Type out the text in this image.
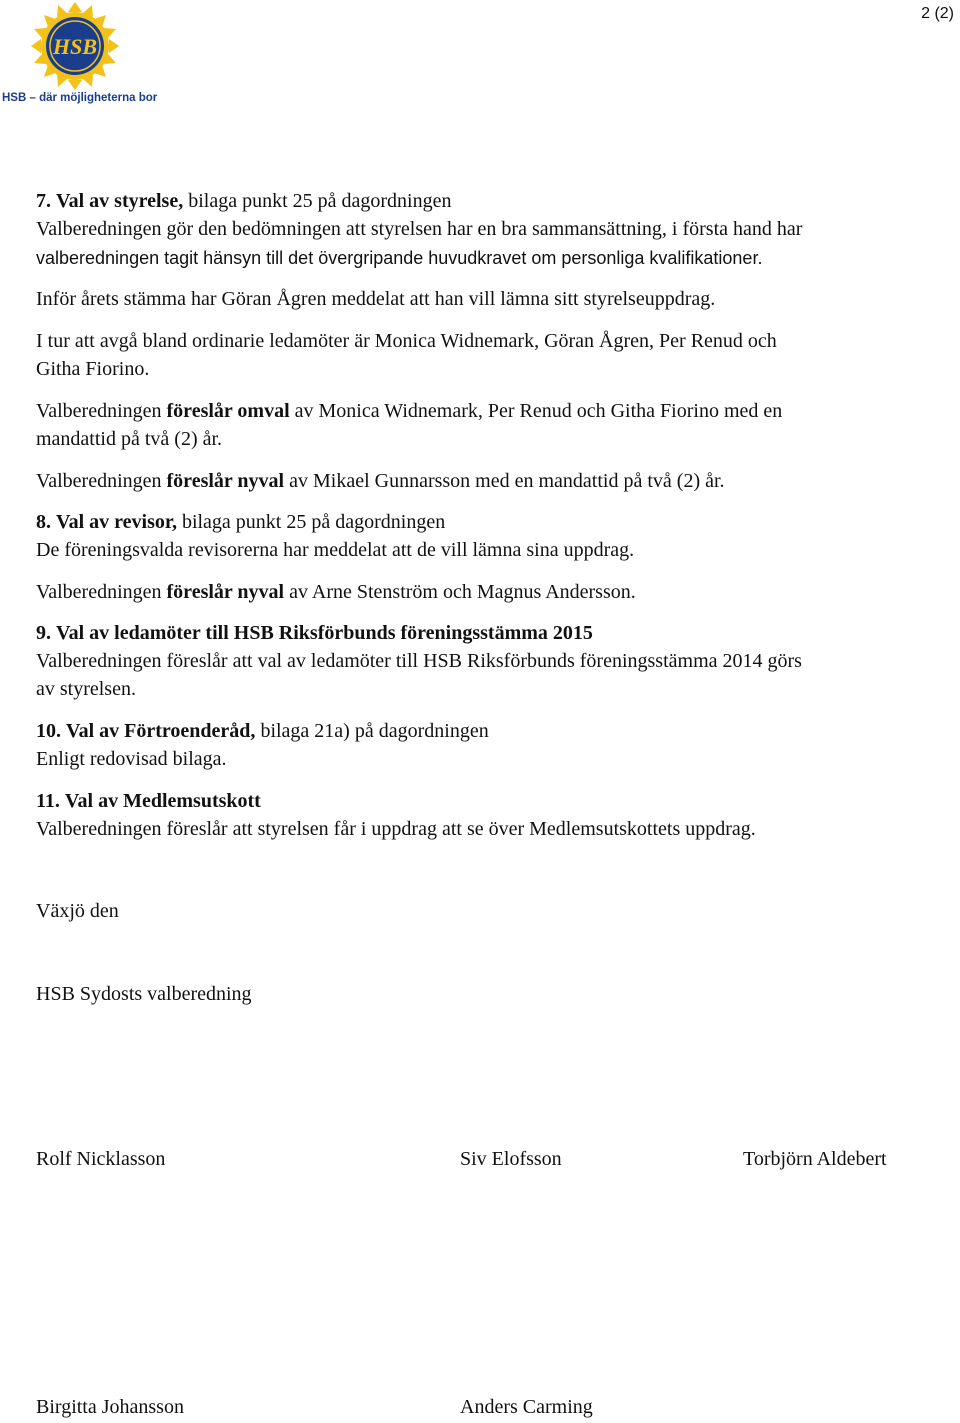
HSB
HSB – där möjligheterna bor
2 (2)
7. Val av styrelse, bilaga punkt 25 på dagordningen
Valberedningen gör den bedömningen att styrelsen har en bra sammansättning, i första hand har
valberedningen tagit hänsyn till det övergripande huvudkravet om personliga kvalifikationer.
Inför årets stämma har Göran Ågren meddelat att han vill lämna sitt styrelseuppdrag.
I tur att avgå bland ordinarie ledamöter är Monica Widnemark, Göran Ågren, Per Renud och
Githa Fiorino.
Valberedningen föreslår omval av Monica Widnemark, Per Renud och Githa Fiorino med en
mandattid på två (2) år.
Valberedningen föreslår nyval av Mikael Gunnarsson med en mandattid på två (2) år.
8. Val av revisor, bilaga punkt 25 på dagordningen
De föreningsvalda revisorerna har meddelat att de vill lämna sina uppdrag.
Valberedningen föreslår nyval av Arne Stenström och Magnus Andersson.
9. Val av ledamöter till HSB Riksförbunds föreningsstämma 2015
Valberedningen föreslår att val av ledamöter till HSB Riksförbunds föreningsstämma 2014 görs
av styrelsen.
10. Val av Förtroenderåd, bilaga 21a) på dagordningen
Enligt redovisad bilaga.
11. Val av Medlemsutskott
Valberedningen föreslår att styrelsen får i uppdrag att se över Medlemsutskottets uppdrag.
Växjö den
HSB Sydosts valberedning
Rolf Nicklasson	Siv Elofsson	Torbjörn Aldebert
Birgitta Johansson	Anders Carming
